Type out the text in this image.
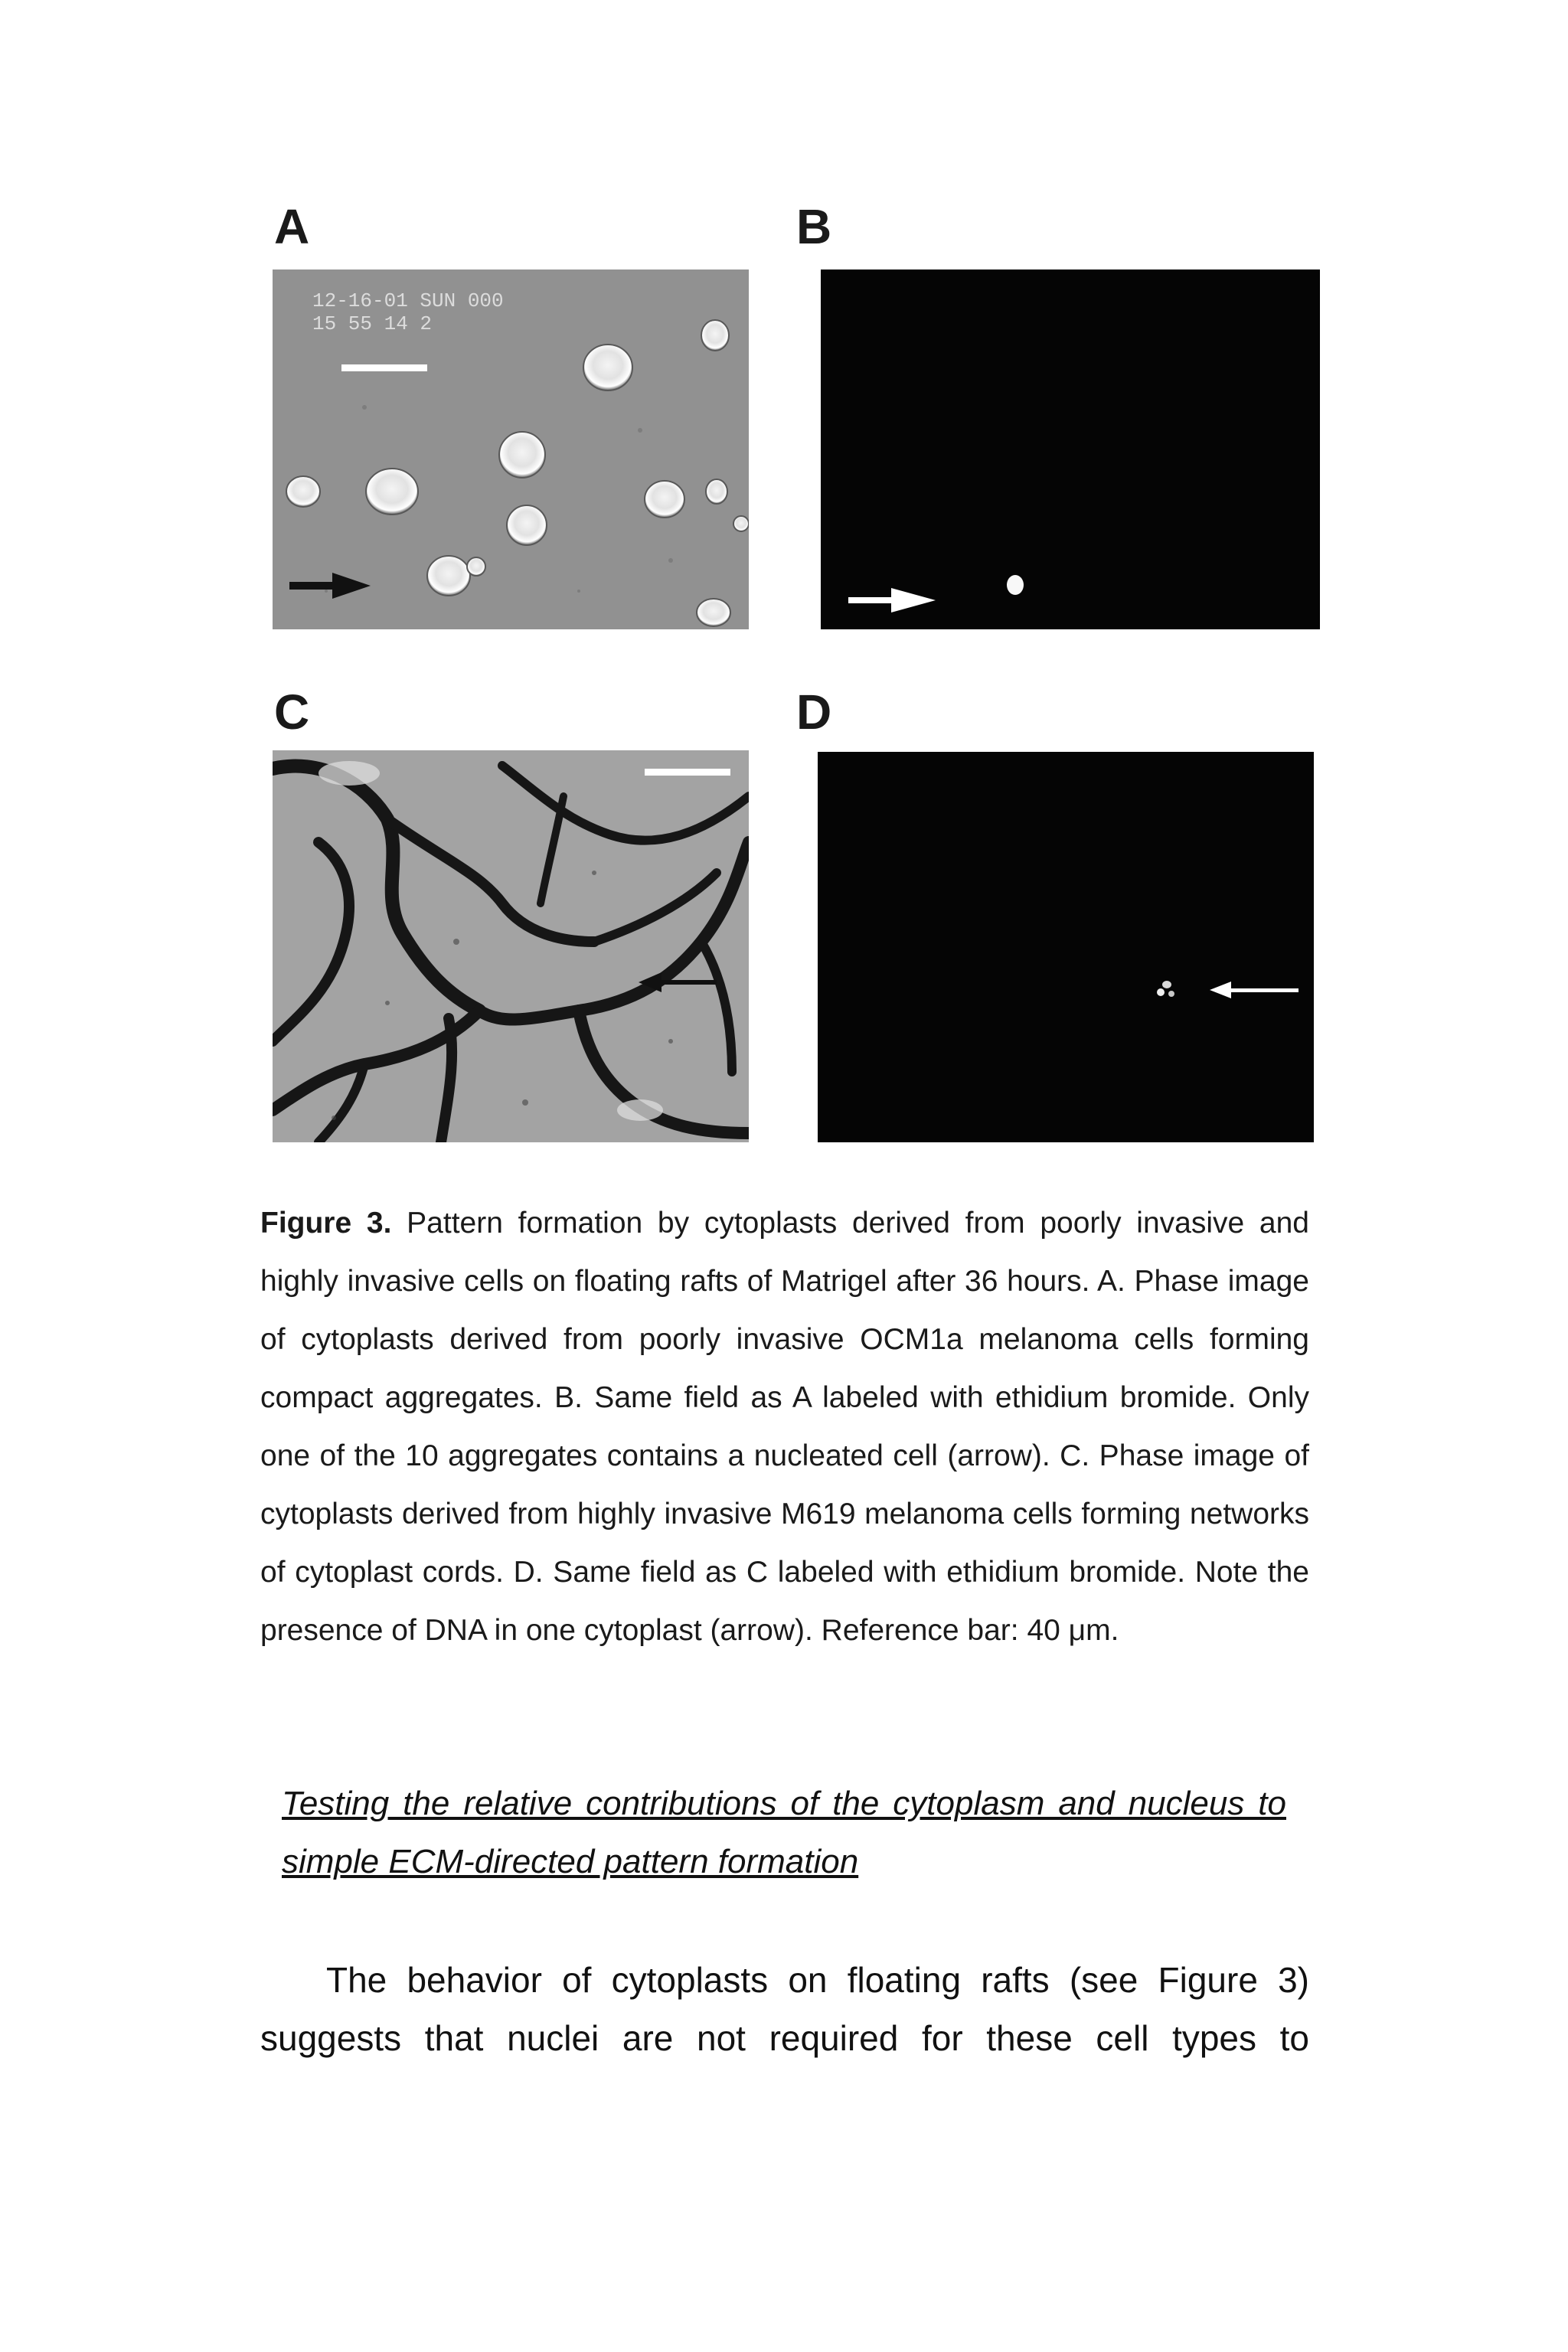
A	B
C	D
12-16-01 SUN 000
15 55 14 2
Figure 3. Pattern formation by cytoplasts derived from poorly invasive and highly invasive cells on floating rafts of Matrigel after 36 hours. A. Phase image of cytoplasts derived from poorly invasive OCM1a melanoma cells forming compact aggregates. B. Same field as A labeled with ethidium bromide. Only one of the 10 aggregates contains a nucleated cell (arrow). C. Phase image of cytoplasts derived from highly invasive M619 melanoma cells forming networks of cytoplast cords. D. Same field as C labeled with ethidium bromide. Note the presence of DNA in one cytoplast (arrow). Reference bar: 40 μm.
Testing the relative contributions of the cytoplasm and nucleus to simple ECM-directed pattern formation
The behavior of cytoplasts on floating rafts (see Figure 3) suggests that nuclei are not required for these cell types to
